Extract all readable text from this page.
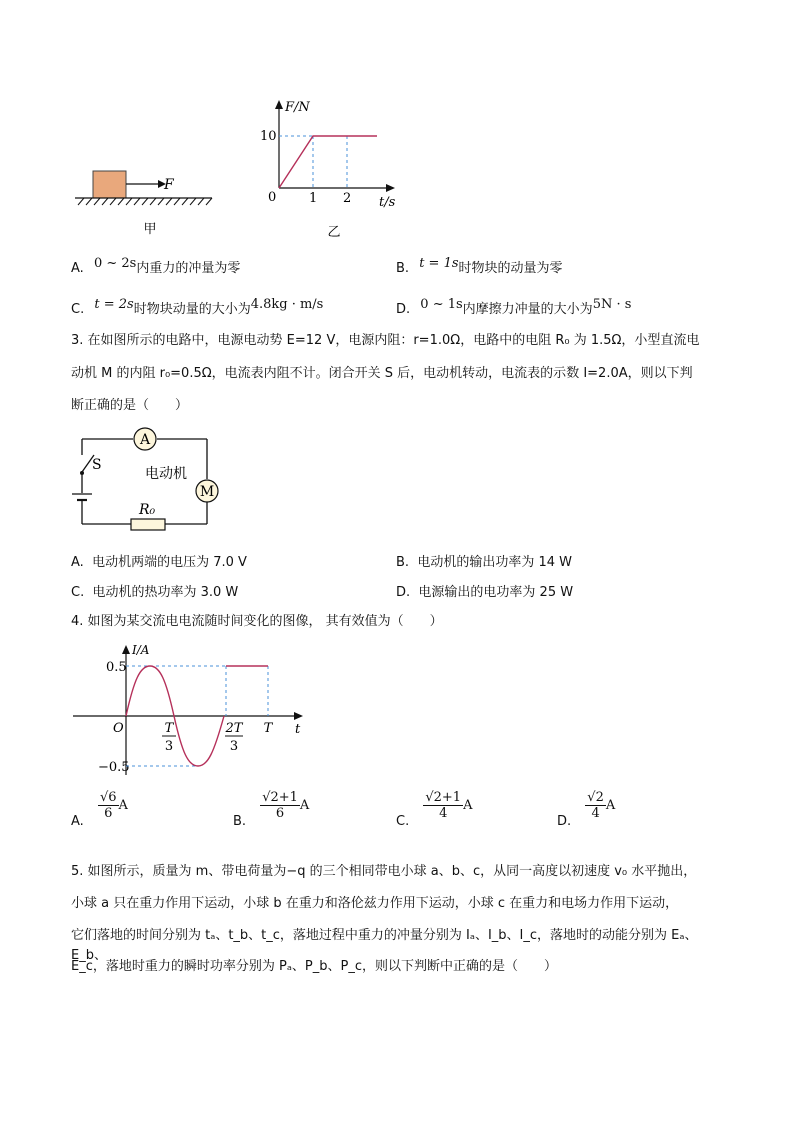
F
甲
F/N
t/s
10
0	1 2
乙
A. 0 ~ 2s内重力的冲量为零	B. t = 1s时物块的动量为零
C. t = 2s时物块动量的大小为4.8kg · m/s	D. 0 ~ 1s内摩擦力冲量的大小为5N · s
3. 在如图所示的电路中，电源电动势 E=12 V，电源内阻：r=1.0Ω，电路中的电阻 R₀ 为 1.5Ω，小型直流电
动机 M 的内阻 r₀=0.5Ω，电流表内阻不计。闭合开关 S 后，电动机转动，电流表的示数 I=2.0A，则以下判
断正确的是（　　）
A
M
电动机
S
R₀
A. 电动机两端的电压为 7.0 V	B. 电动机的输出功率为 14 W
C. 电动机的热功率为 3.0 W	D. 电源输出的电功率为 25 W
4. 如图为某交流电电流随时间变化的图像， 其有效值为（　　）
I/A
t
O
0.5
−0.5
T
3
2T
3
T
A.
$\frac{√6}{6}$ A
B.
$\frac{√2+1}{6}$ A
C.
$\frac{√2+1}{4}$ A
D.
$\frac{√2}{4}$ A
5. 如图所示，质量为 m、带电荷量为−q 的三个相同带电小球 a、b、c，从同一高度以初速度 v₀ 水平抛出，
小球 a 只在重力作用下运动，小球 b 在重力和洛伦兹力作用下运动，小球 c 在重力和电场力作用下运动，
它们落地的时间分别为 tₐ、t_b、t_c，落地过程中重力的冲量分别为 Iₐ、I_b、I_c，落地时的动能分别为 Eₐ、E_b、
E_c，落地时重力的瞬时功率分别为 Pₐ、P_b、P_c，则以下判断中正确的是（　　）
